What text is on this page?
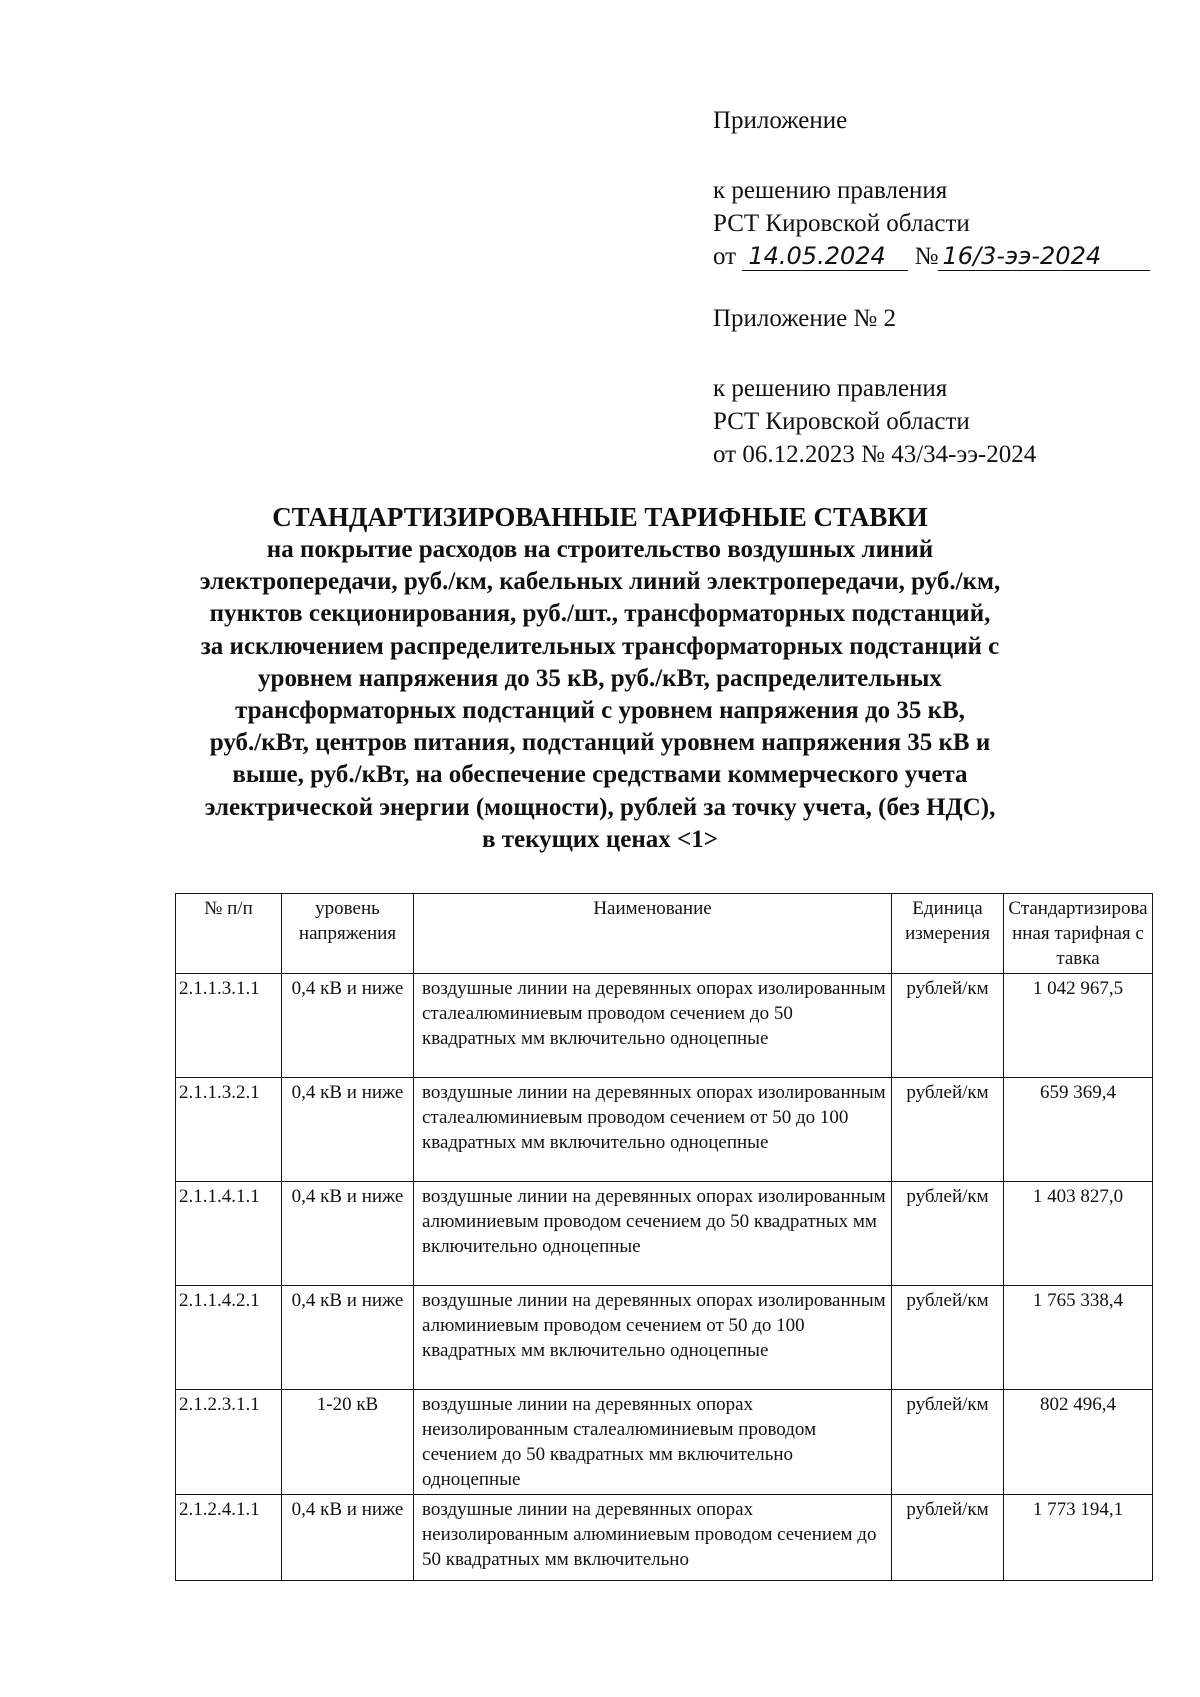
Приложение
к решению правления
РСТ Кировской области
от 14.05.2024 № 16/3-ээ-2024
Приложение № 2
к решению правления
РСТ Кировской области
от 06.12.2023 № 43/34-ээ-2024
СТАНДАРТИЗИРОВАННЫЕ ТАРИФНЫЕ СТАВКИ
на покрытие расходов на строительство воздушных линий
электропередачи, руб./км, кабельных линий электропередачи, руб./км,
пунктов секционирования, руб./шт., трансформаторных подстанций,
за исключением распределительных трансформаторных подстанций с
уровнем напряжения до 35 кВ, руб./кВт, распределительных
трансформаторных подстанций с уровнем напряжения до 35 кВ,
руб./кВт, центров питания, подстанций уровнем напряжения 35 кВ и
выше, руб./кВт, на обеспечение средствами коммерческого учета
электрической энергии (мощности), рублей за точку учета, (без НДС),
в текущих ценах <1>
№ п/п	уровень напряжения	Наименование	Единица измерения	Стандартизированная тарифная ставка
2.1.1.3.1.1	0,4 кВ и ниже	воздушные линии на деревянных опорах изолированным сталеалюминиевым проводом сечением до 50 квадратных мм включительно одноцепные	рублей/км	1 042 967,5
2.1.1.3.2.1	0,4 кВ и ниже	воздушные линии на деревянных опорах изолированным сталеалюминиевым проводом сечением от 50 до 100 квадратных мм включительно одноцепные	рублей/км	659 369,4
2.1.1.4.1.1	0,4 кВ и ниже	воздушные линии на деревянных опорах изолированным алюминиевым проводом сечением до 50 квадратных мм включительно одноцепные	рублей/км	1 403 827,0
2.1.1.4.2.1	0,4 кВ и ниже	воздушные линии на деревянных опорах изолированным алюминиевым проводом сечением от 50 до 100 квадратных мм включительно одноцепные	рублей/км	1 765 338,4
2.1.2.3.1.1	1-20 кВ	воздушные линии на деревянных опорах неизолированным сталеалюминиевым проводом сечением до 50 квадратных мм включительно одноцепные	рублей/км	802 496,4
2.1.2.4.1.1	0,4 кВ и ниже	воздушные линии на деревянных опорах неизолированным алюминиевым проводом сечением до 50 квадратных мм включительно	рублей/км	1 773 194,1
